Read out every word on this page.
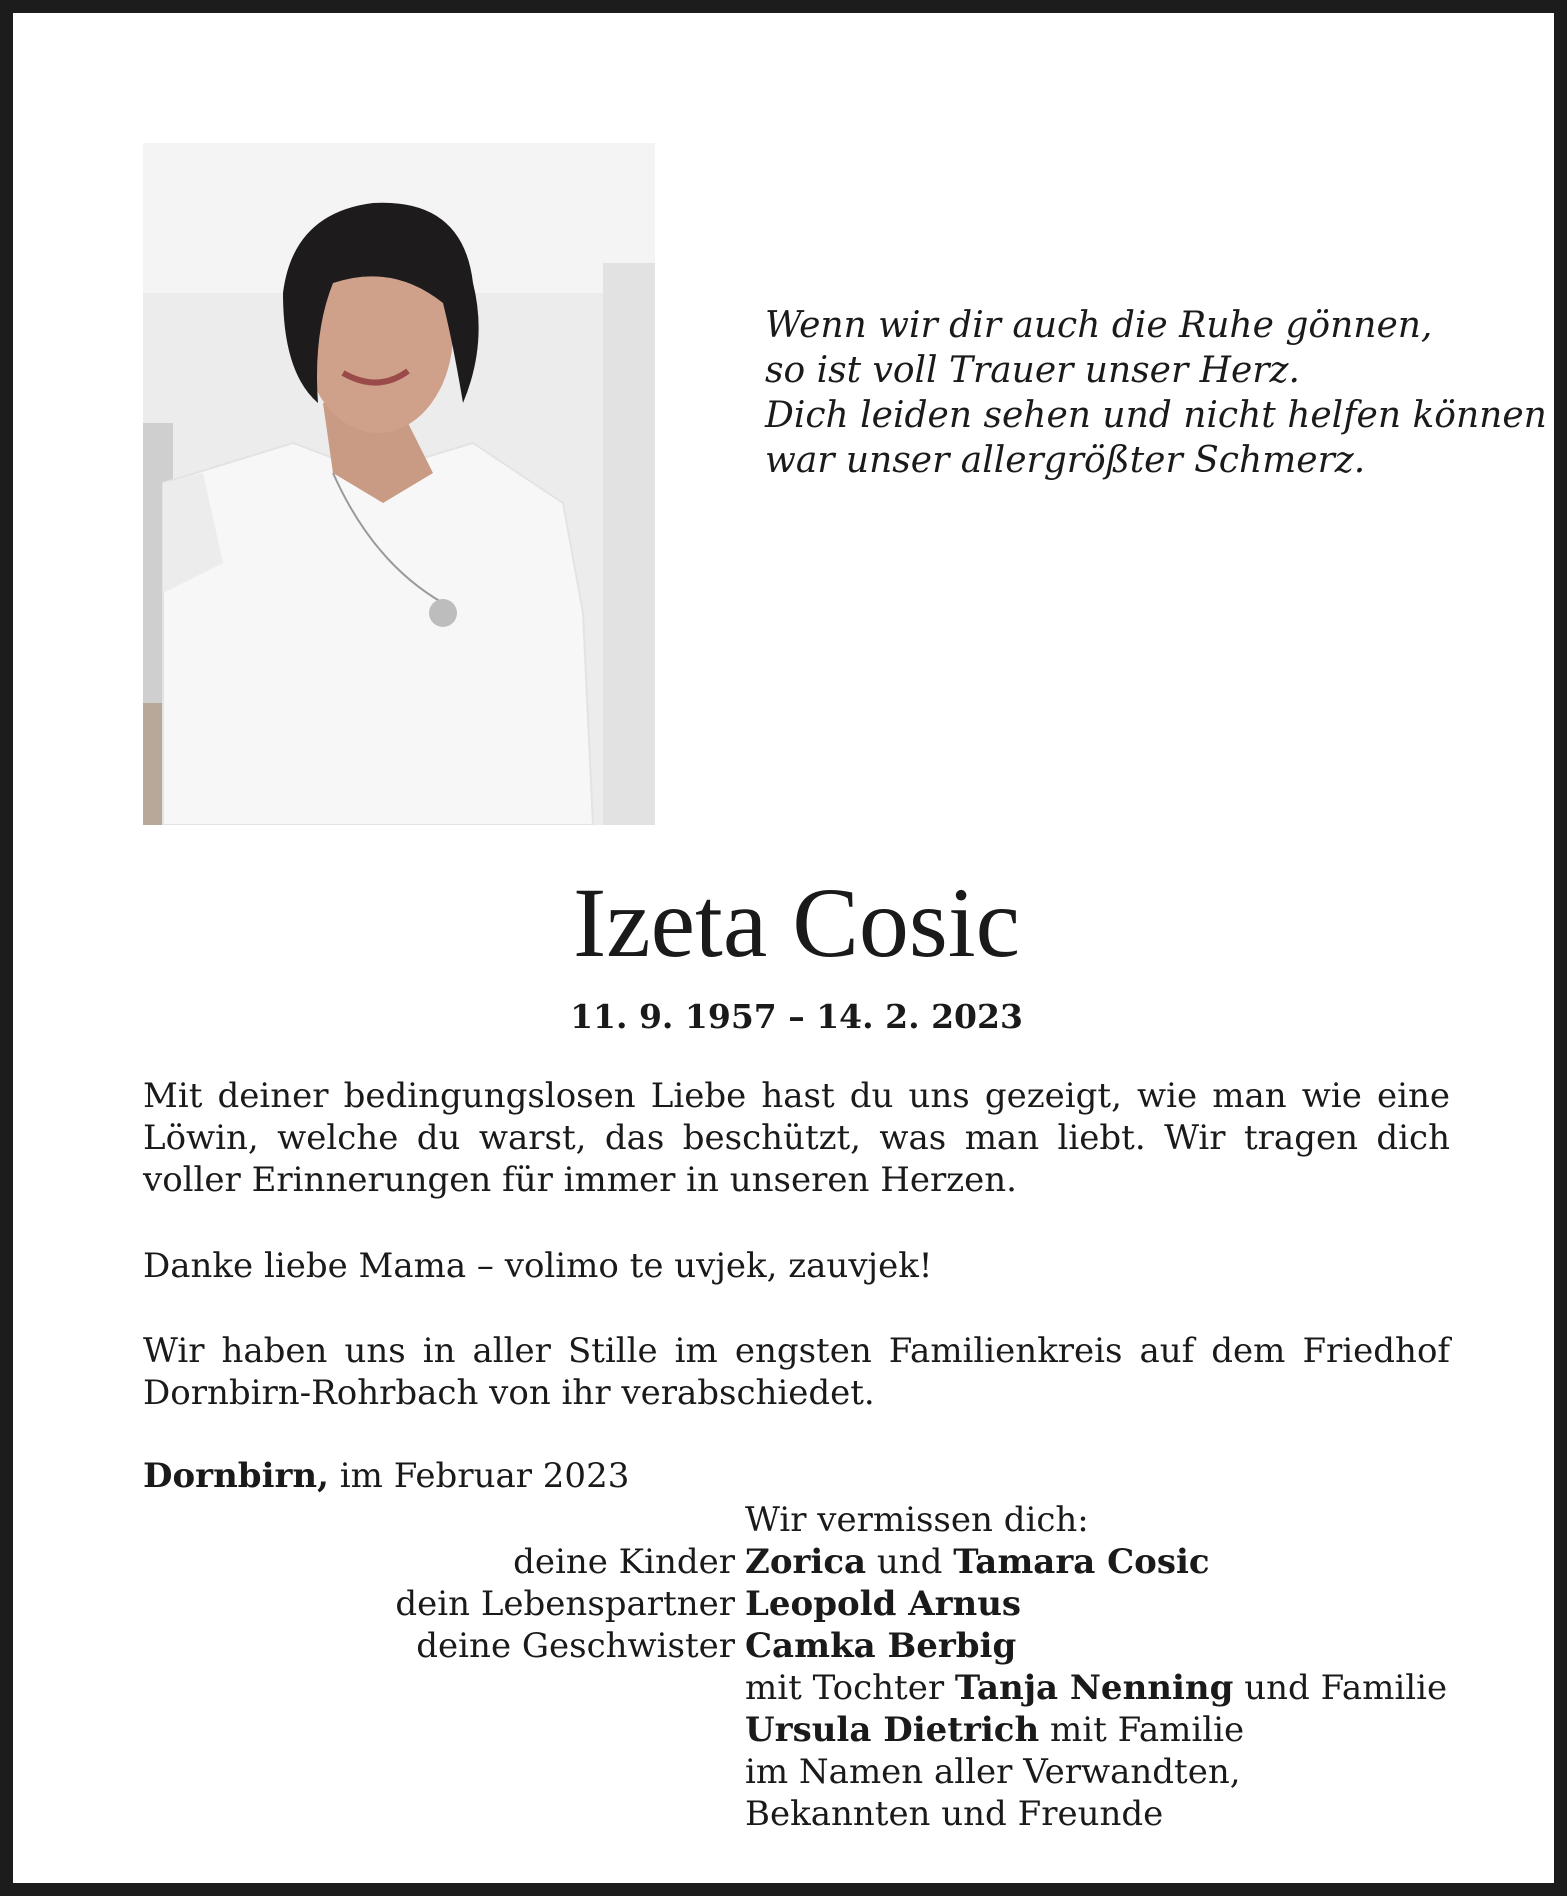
Wenn wir dir auch die Ruhe gönnen,
so ist voll Trauer unser Herz.
Dich leiden sehen und nicht helfen können
war unser allergrößter Schmerz.
Izeta Cosic
11. 9. 1957 – 14. 2. 2023
Mit deiner bedingungslosen Liebe hast du uns gezeigt, wie man wie eine Löwin, welche du warst, das beschützt, was man liebt. Wir tragen dich voller Erinnerungen für immer in unseren Herzen.
Danke liebe Mama – volimo te uvjek, zauvjek!
Wir haben uns in aller Stille im engsten Familienkreis auf dem Friedhof Dornbirn-Rohrbach von ihr verabschiedet.
Dornbirn, im Februar 2023
Wir vermissen dich:
deine Kinder Zorica und Tamara Cosic
dein Lebenspartner Leopold Arnus
deine Geschwister Camka Berbig
mit Tochter Tanja Nenning und Familie
Ursula Dietrich mit Familie
im Namen aller Verwandten,
Bekannten und Freunde
